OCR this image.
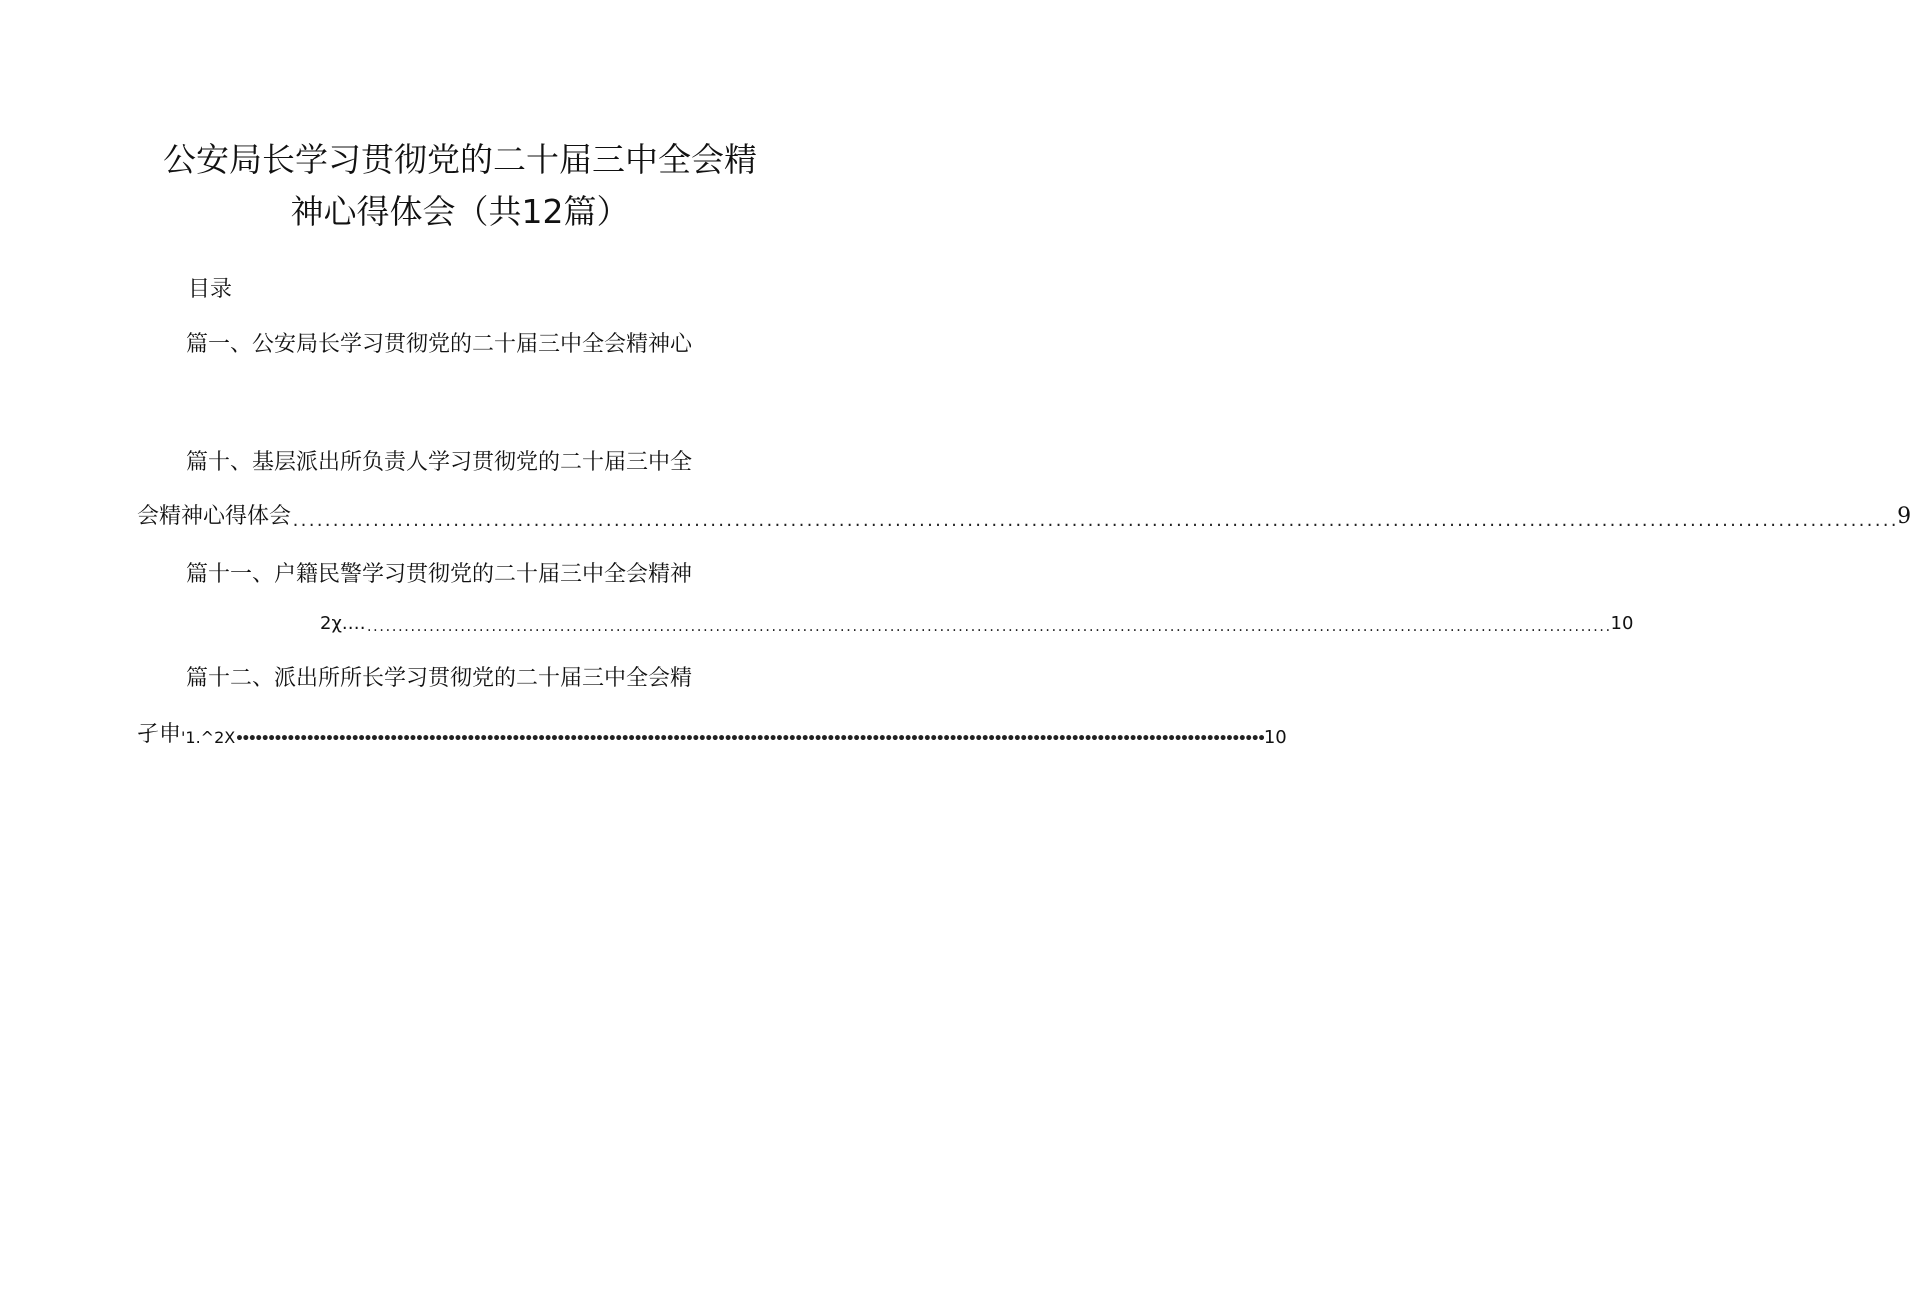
公安局长学习贯彻党的二十届三中全会精
神心得体会（共12篇）
目录
篇一、公安局长学习贯彻党的二十届三中全会精神心
篇十、基层派出所负责人学习贯彻党的二十届三中全
会精神心得体会 ........................................................................................................................................................................................................ 9
篇十一、户籍民警学习贯彻党的二十届三中全会精神
2χ.… ........................................................................................................................................................................................................ 10
篇十二、派出所所长学习贯彻党的二十届三中全会精
孑申 '1.^2X •••••••••••••••••••••••••••••••••••••••••••••••••••••••••••••••••••••••••••••••••••••••••••••••••••••••••••••••••••••••••••••••••••••••••••••••••••••••••••••••• 10
